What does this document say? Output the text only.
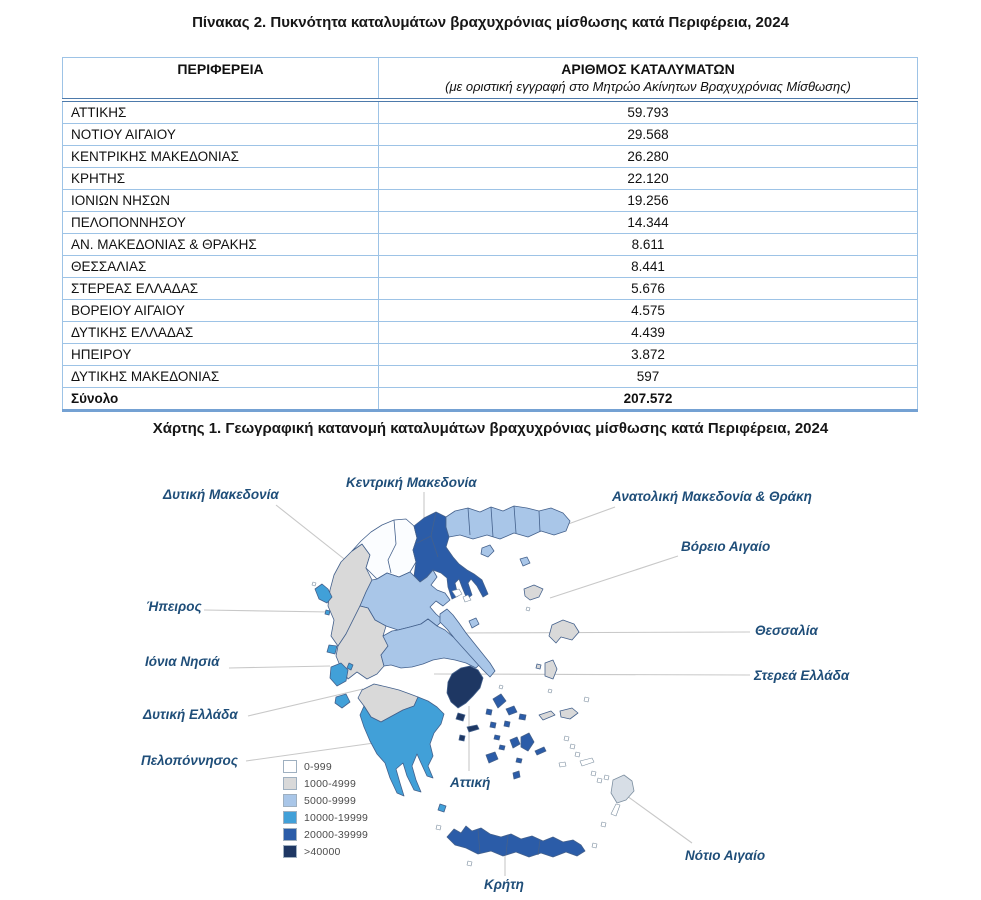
Πίνακας 2. Πυκνότητα καταλυμάτων βραχυχρόνιας μίσθωσης κατά Περιφέρεια, 2024
ΠΕΡΙΦΕΡΕΙΑ	ΑΡΙΘΜΟΣ ΚΑΤΑΛΥΜΑΤΩΝ
(με οριστική εγγραφή στο Μητρώο Ακίνητων Βραχυχρόνιας Μίσθωσης)

ΑΤΤΙΚΗΣ	59.793
ΝΟΤΙΟΥ ΑΙΓΑΙΟΥ	29.568
ΚΕΝΤΡΙΚΗΣ ΜΑΚΕΔΟΝΙΑΣ	26.280
ΚΡΗΤΗΣ	22.120
ΙΟΝΙΩΝ ΝΗΣΩΝ	19.256
ΠΕΛΟΠΟΝΝΗΣΟΥ	14.344
ΑΝ. ΜΑΚΕΔΟΝΙΑΣ & ΘΡΑΚΗΣ	8.611
ΘΕΣΣΑΛΙΑΣ	8.441
ΣΤΕΡΕΑΣ ΕΛΛΑΔΑΣ	5.676
ΒΟΡΕΙΟΥ ΑΙΓΑΙΟΥ	4.575
ΔΥΤΙΚΗΣ ΕΛΛΑΔΑΣ	4.439
ΗΠΕΙΡΟΥ	3.872
ΔΥΤΙΚΗΣ ΜΑΚΕΔΟΝΙΑΣ	597
Σύνολο	207.572
Χάρτης 1. Γεωγραφική κατανομή καταλυμάτων βραχυχρόνιας μίσθωσης κατά Περιφέρεια, 2024
Δυτική Μακεδονία
Κεντρική Μακεδονία
Ανατολική Μακεδονία & Θράκη
Βόρειο Αιγαίο
Ήπειρος
Θεσσαλία
Ιόνια Νησιά
Στερεά Ελλάδα
Δυτική Ελλάδα
Πελοπόννησος
Αττική
Νότιο Αιγαίο
Κρήτη
0-999
1000-4999
5000-9999
10000-19999
20000-39999
>40000
